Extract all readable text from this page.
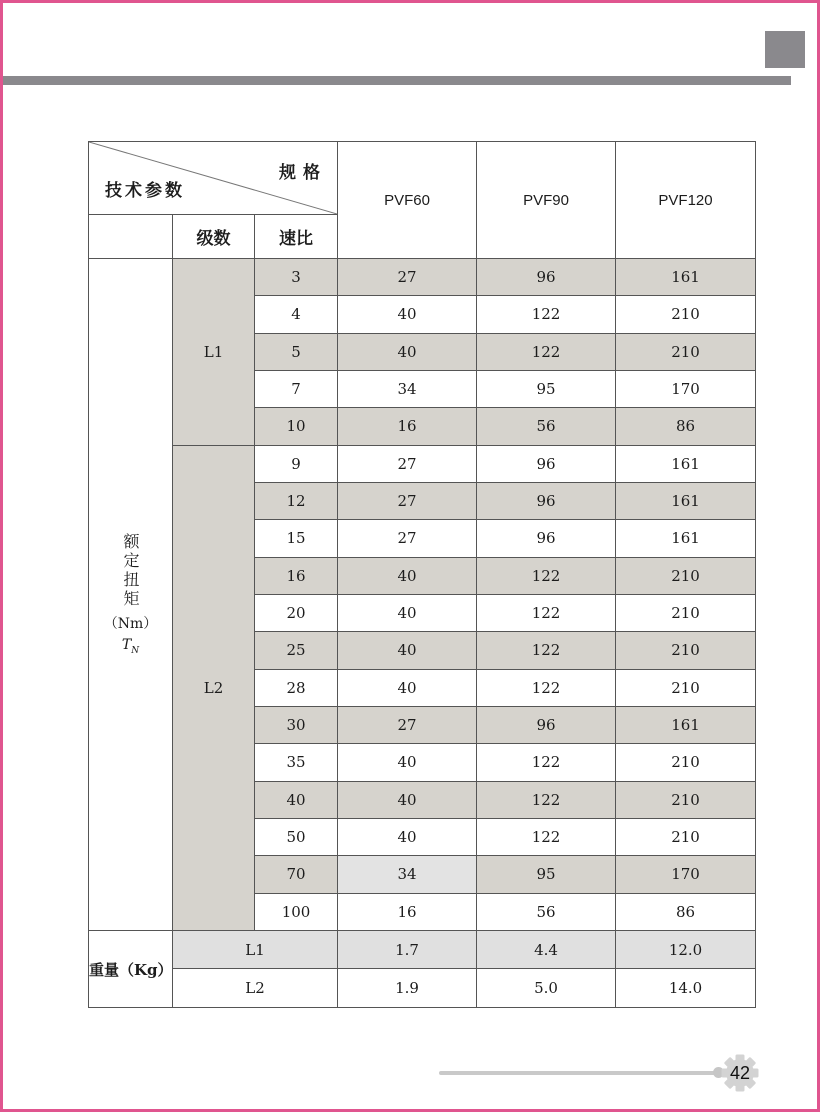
规格
技术参数			PVF60	PVF90	PVF120
	级数	速比			

额定扭矩
（Nm）
$T_N$	L1	3	27	96	161
		4	40	122	210
		5	40	122	210
		7	34	95	170
		10	16	56	86
	L2	9	27	96	161
		12	27	96	161
		15	27	96	161
		16	40	122	210
		20	40	122	210
		25	40	122	210
		28	40	122	210
		30	27	96	161
		35	40	122	210
		40	40	122	210
		50	40	122	210
		70	34	95	170
		100	16	56	86
重量（Kg）	L1		1.7	4.4	12.0
	L2		1.9	5.0	14.0
42
